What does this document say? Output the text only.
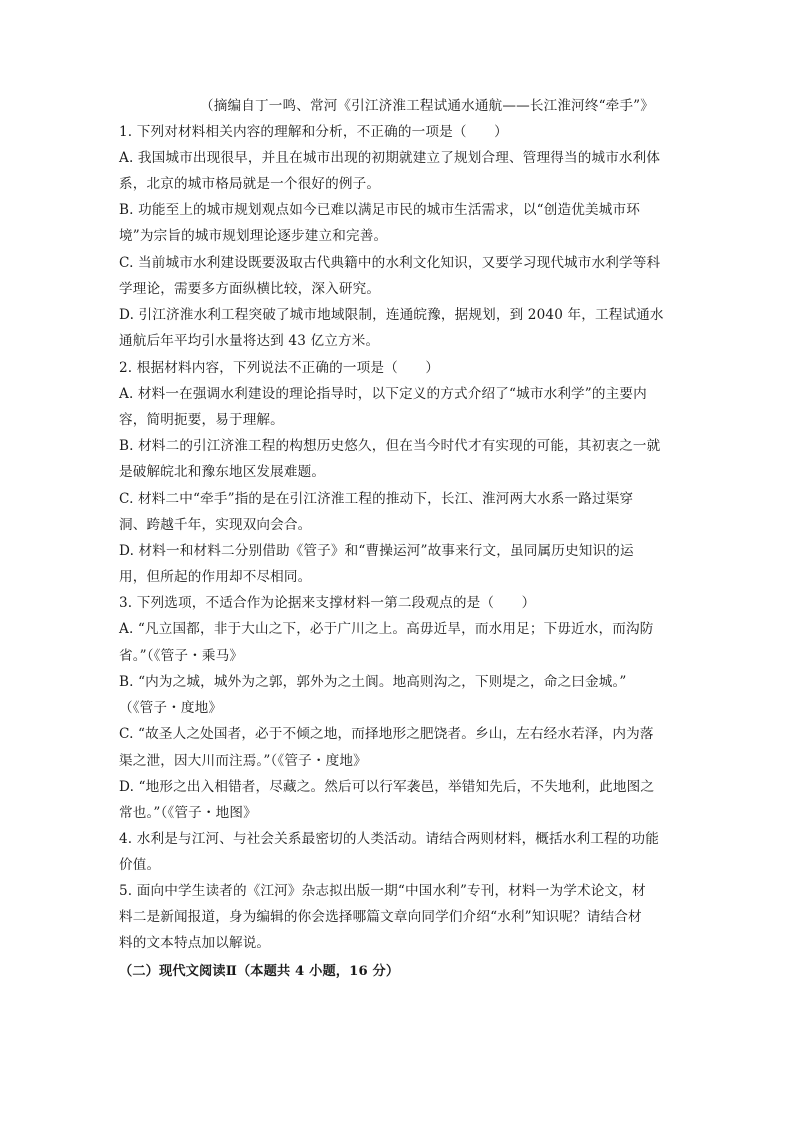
（摘编自丁一鸣、常河《引江济淮工程试通水通航——长江淮河终“牵手”》
1. 下列对材料相关内容的理解和分析，不正确的一项是（　　）
A. 我国城市出现很早，并且在城市出现的初期就建立了规划合理、管理得当的城市水利体
系，北京的城市格局就是一个很好的例子。
B. 功能至上的城市规划观点如今已难以满足市民的城市生活需求，以“创造优美城市环
境”为宗旨的城市规划理论逐步建立和完善。
C. 当前城市水利建设既要汲取古代典籍中的水利文化知识，又要学习现代城市水利学等科
学理论，需要多方面纵横比较，深入研究。
D. 引江济淮水利工程突破了城市地域限制，连通皖豫，据规划，到 2040 年，工程试通水
通航后年平均引水量将达到 43 亿立方米。
2. 根据材料内容，下列说法不正确的一项是（　　）
A. 材料一在强调水利建设的理论指导时，以下定义的方式介绍了“城市水利学”的主要内
容，简明扼要，易于理解。
B. 材料二的引江济淮工程的构想历史悠久，但在当今时代才有实现的可能，其初衷之一就
是破解皖北和豫东地区发展难题。
C. 材料二中“牵手”指的是在引江济淮工程的推动下，长江、淮河两大水系一路过渠穿
洞、跨越千年，实现双向会合。
D. 材料一和材料二分别借助《管子》和“曹操运河”故事来行文，虽同属历史知识的运
用，但所起的作用却不尽相同。
3. 下列选项，不适合作为论据来支撑材料一第二段观点的是（　　）
A. “凡立国都，非于大山之下，必于广川之上。高毋近旱，而水用足；下毋近水，而沟防
省。”（《管子・乘马》
B. “内为之城，城外为之郭，郭外为之土阆。地高则沟之，下则堤之，命之曰金城。”
（《管子・度地》
C. “故圣人之处国者，必于不倾之地，而择地形之肥饶者。乡山，左右经水若泽，内为落
渠之泄，因大川而注焉。”（《管子・度地》
D. “地形之出入相错者，尽藏之。然后可以行军袭邑，举错知先后，不失地利，此地图之
常也。”（《管子・地图》
4. 水利是与江河、与社会关系最密切的人类活动。请结合两则材料，概括水利工程的功能
价值。
5. 面向中学生读者的《江河》杂志拟出版一期“中国水利”专刊，材料一为学术论文，材
料二是新闻报道，身为编辑的你会选择哪篇文章向同学们介绍“水利”知识呢？请结合材
料的文本特点加以解说。
（二）现代文阅读Ⅱ（本题共 4 小题，16 分）
